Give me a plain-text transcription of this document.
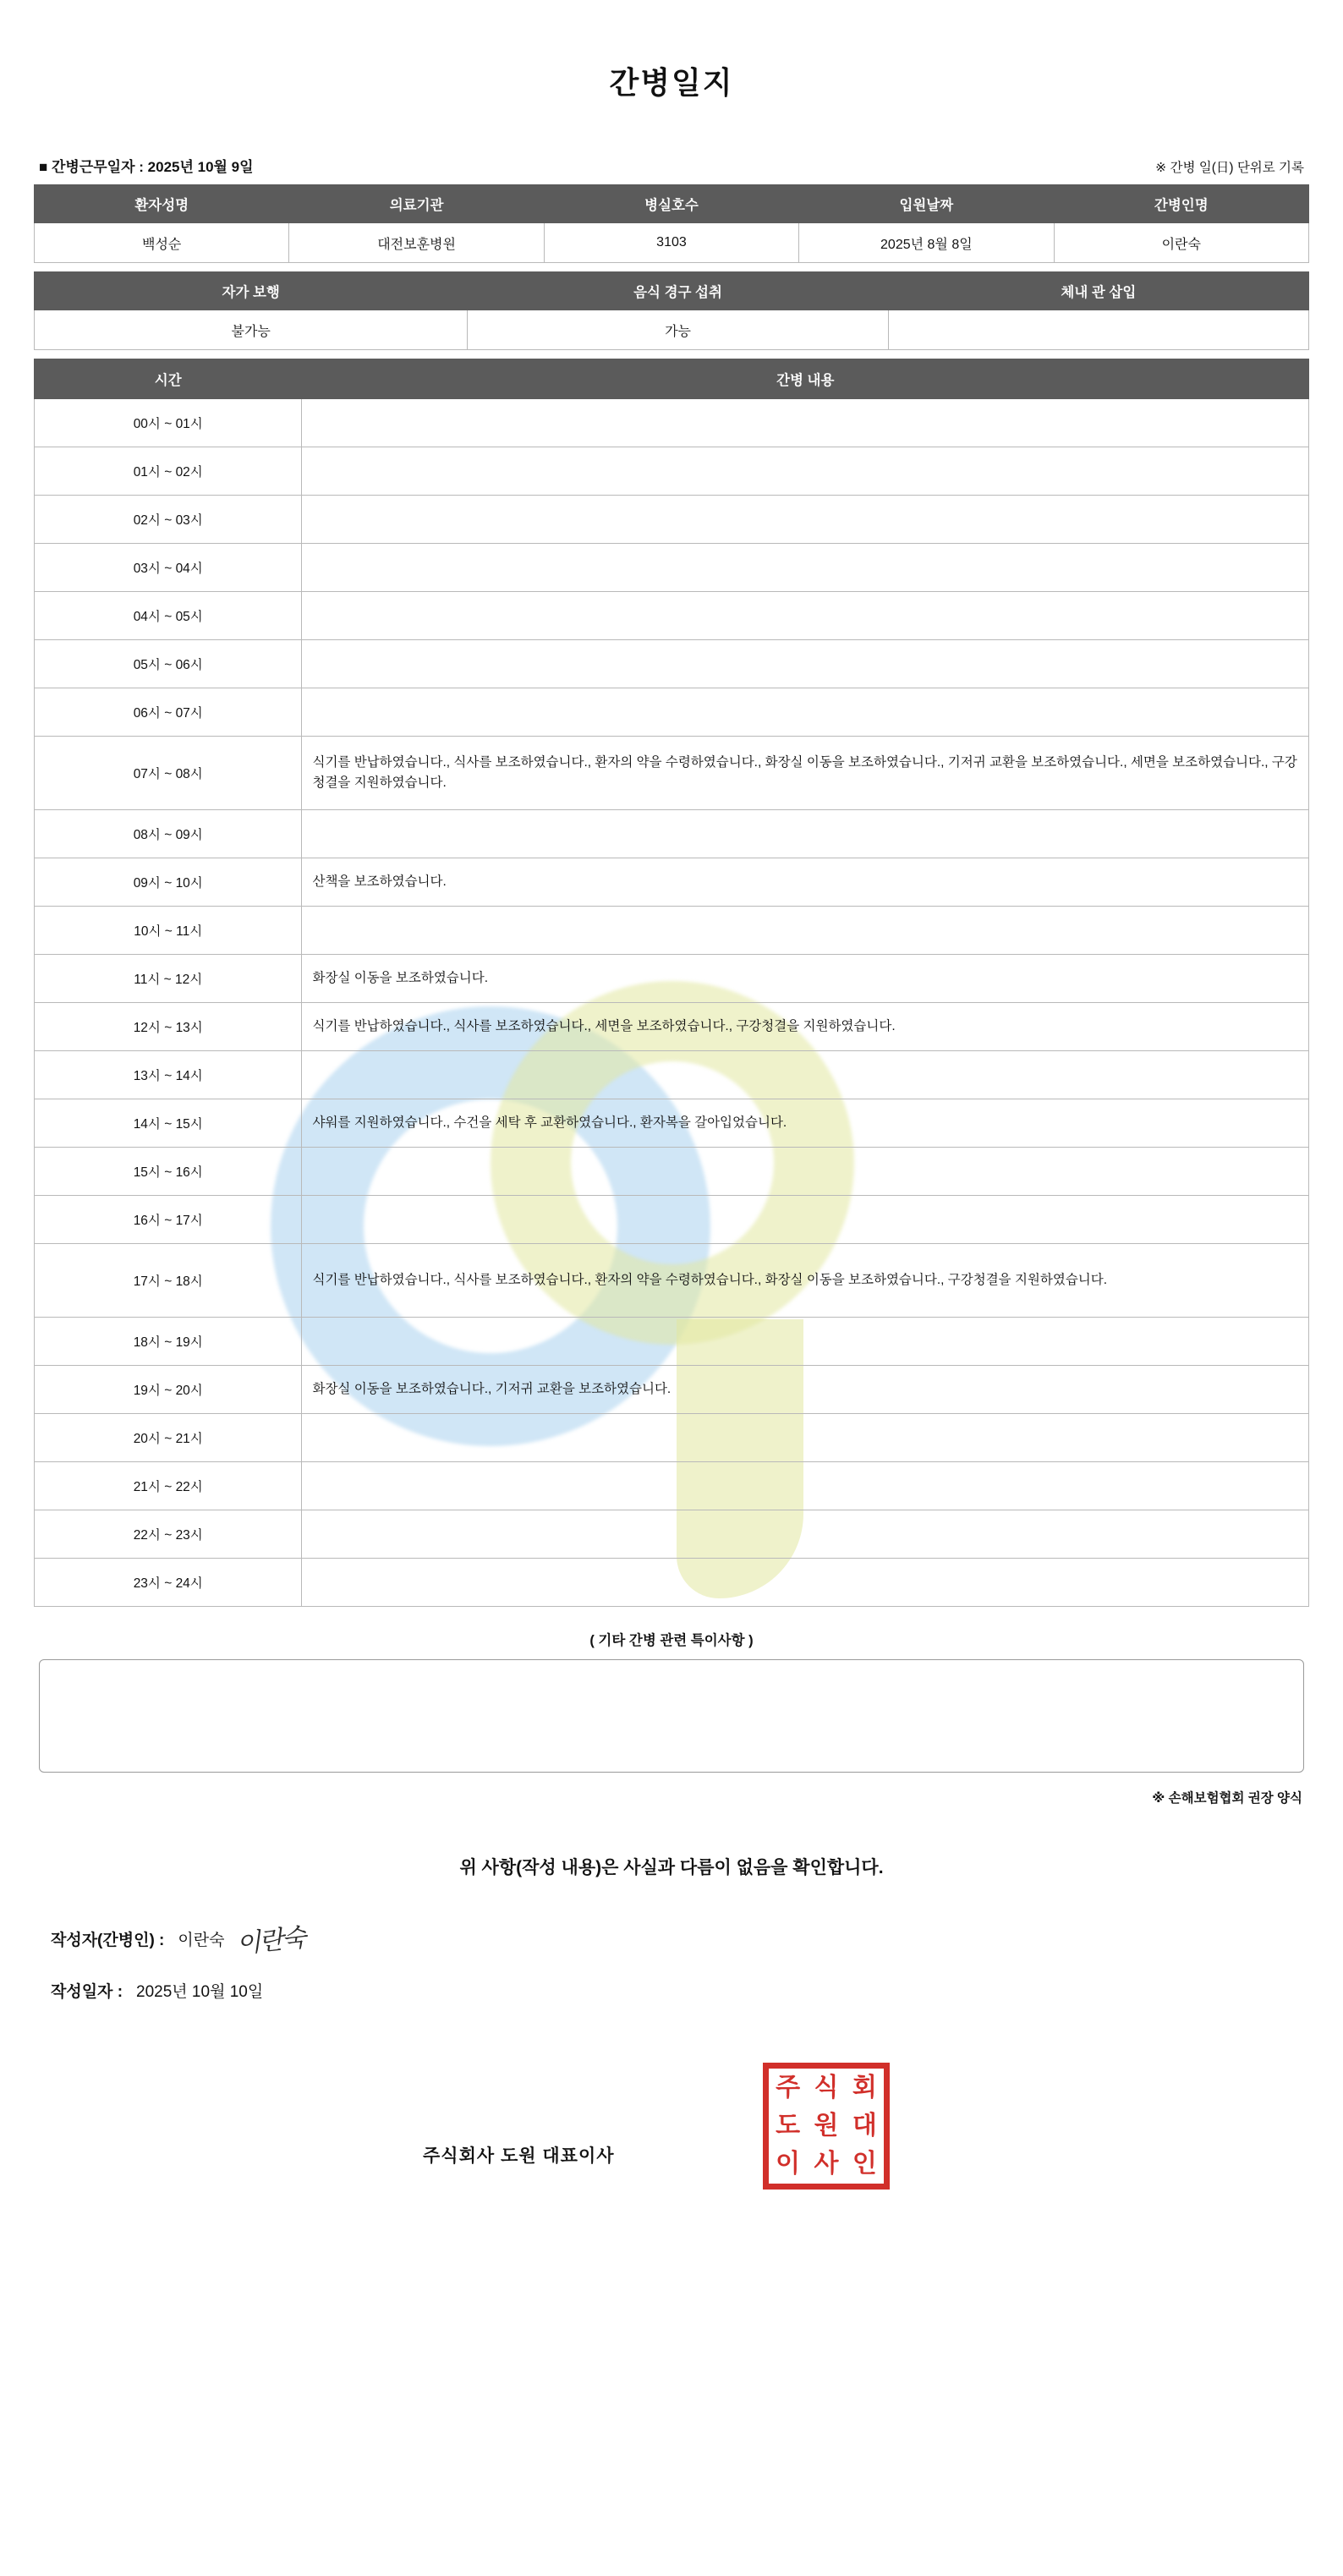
간병일지
■ 간병근무일자 : 2025년 10월 9일	※ 간병 일(日) 단위로 기록
환자성명	의료기관	병실호수	입원날짜	간병인명
백성순	대전보훈병원	3103	2025년 8월 8일	이란숙
자가 보행	음식 경구 섭취	체내 관 삽입
불가능	가능	
시간	간병 내용
00시 ~ 01시	
01시 ~ 02시	
02시 ~ 03시	
03시 ~ 04시	
04시 ~ 05시	
05시 ~ 06시	
06시 ~ 07시	
07시 ~ 08시	식기를 반납하였습니다., 식사를 보조하였습니다., 환자의 약을 수령하였습니다., 화장실 이동을 보조하였습니다., 기저귀 교환을 보조하였습니다., 세면을 보조하였습니다., 구강청결을 지원하였습니다.
08시 ~ 09시	
09시 ~ 10시	산책을 보조하였습니다.
10시 ~ 11시	
11시 ~ 12시	화장실 이동을 보조하였습니다.
12시 ~ 13시	식기를 반납하였습니다., 식사를 보조하였습니다., 세면을 보조하였습니다., 구강청결을 지원하였습니다.
13시 ~ 14시	
14시 ~ 15시	샤워를 지원하였습니다., 수건을 세탁 후 교환하였습니다., 환자복을 갈아입었습니다.
15시 ~ 16시	
16시 ~ 17시	
17시 ~ 18시	식기를 반납하였습니다., 식사를 보조하였습니다., 환자의 약을 수령하였습니다., 화장실 이동을 보조하였습니다., 구강청결을 지원하였습니다.
18시 ~ 19시	
19시 ~ 20시	화장실 이동을 보조하였습니다., 기저귀 교환을 보조하였습니다.
20시 ~ 21시	
21시 ~ 22시	
22시 ~ 23시	
23시 ~ 24시	
( 기타 간병 관련 특이사항 )
※ 손해보험협회 권장 양식
위 사항(작성 내용)은 사실과 다름이 없음을 확인합니다.
작성자(간병인) : 이란숙 이란숙
작성일자 : 2025년 10월 10일
주식회사 도원 대표이사
주 식 회
도 원 대
이 사 인
